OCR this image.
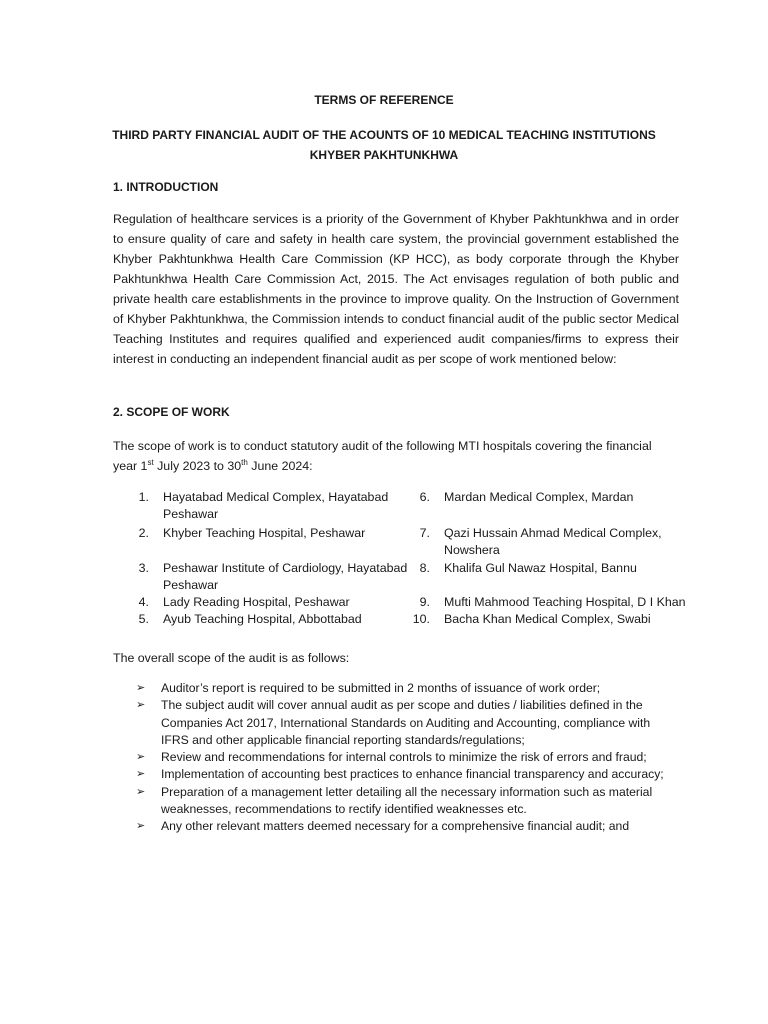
TERMS OF REFERENCE
THIRD PARTY FINANCIAL AUDIT OF THE ACOUNTS OF 10 MEDICAL TEACHING INSTITUTIONS KHYBER PAKHTUNKHWA
1. INTRODUCTION

Regulation of healthcare services is a priority of the Government of Khyber Pakhtunkhwa and in order to ensure quality of care and safety in health care system, the provincial government established the Khyber Pakhtunkhwa Health Care Commission (KP HCC), as body corporate through the Khyber Pakhtunkhwa Health Care Commission Act, 2015. The Act envisages regulation of both public and private health care establishments in the province to improve quality. On the Instruction of Government of Khyber Pakhtunkhwa, the Commission intends to conduct financial audit of the public sector Medical Teaching Institutes and requires qualified and experienced audit companies/firms to express their interest in conducting an independent financial audit as per scope of work mentioned below:

2. SCOPE OF WORK

The scope of work is to conduct statutory audit of the following MTI hospitals covering the financial year 1st July 2023 to 30th June 2024:

1.	Hayatabad Medical Complex, Hayatabad Peshawar
2.	Khyber Teaching Hospital, Peshawar
3.	Peshawar Institute of Cardiology, Hayatabad Peshawar
4.	Lady Reading Hospital, Peshawar
5.	Ayub Teaching Hospital, Abbottabad
6.	Mardan Medical Complex, Mardan
7.	Qazi Hussain Ahmad Medical Complex, Nowshera
8.	Khalifa Gul Nawaz Hospital, Bannu
9.	Mufti Mahmood Teaching Hospital, D I Khan
10.	Bacha Khan Medical Complex, Swabi

The overall scope of the audit is as follows:

➢ Auditor’s report is required to be submitted in 2 months of issuance of work order;
➢ The subject audit will cover annual audit as per scope and duties / liabilities defined in the Companies Act 2017, International Standards on Auditing and Accounting, compliance with IFRS and other applicable financial reporting standards/regulations;
➢ Review and recommendations for internal controls to minimize the risk of errors and fraud;
➢ Implementation of accounting best practices to enhance financial transparency and accuracy;
➢ Preparation of a management letter detailing all the necessary information such as material weaknesses, recommendations to rectify identified weaknesses etc.
➢ Any other relevant matters deemed necessary for a comprehensive financial audit; and
